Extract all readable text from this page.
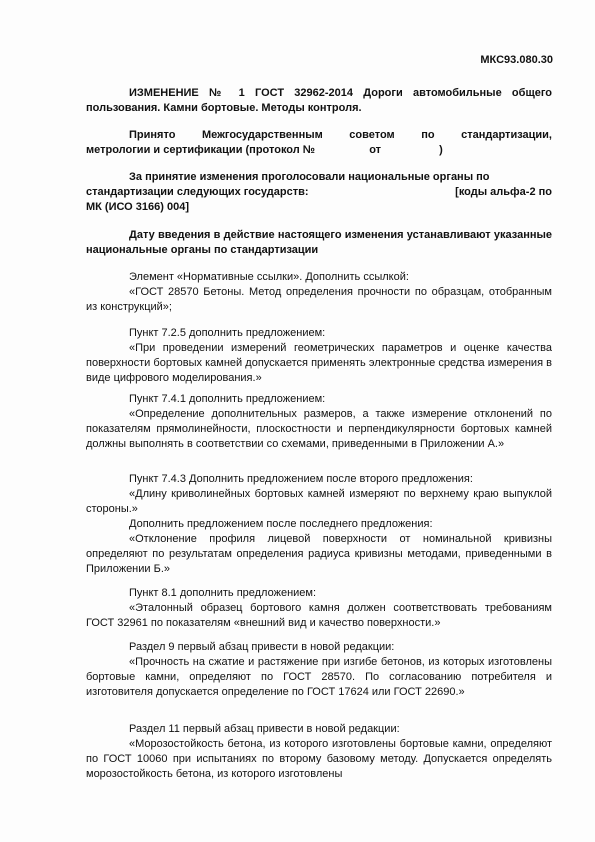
МКС93.080.30
ИЗМЕНЕНИЕ № 1 ГОСТ 32962-2014 Дороги автомобильные общего пользования. Камни бортовые. Методы контроля.
Принято Межгосударственным советом по стандартизации,
метрологии и сертификации (протокол №	от	)
За принятие изменения проголосовали национальные органы по
стандартизации следующих государств:	[коды альфа-2 по
МК (ИСО 3166) 004]
Дату введения в действие настоящего изменения устанавливают указанные национальные органы по стандартизации

Элемент «Нормативные ссылки». Дополнить ссылкой:

«ГОСТ 28570 Бетоны. Метод определения прочности по образцам, отобранным из конструкций»;

Пункт 7.2.5 дополнить предложением:

«При проведении измерений геометрических параметров и оценке качества поверхности бортовых камней допускается применять электронные средства измерения в виде цифрового моделирования.»

Пункт 7.4.1 дополнить предложением:

«Определение дополнительных размеров, а также измерение отклонений по показателям прямолинейности, плоскостности и перпендикулярности бортовых камней должны выполнять в соответствии со схемами, приведенными в Приложении А.»

Пункт 7.4.3 Дополнить предложением после второго предложения:

«Длину криволинейных бортовых камней измеряют по верхнему краю выпуклой стороны.»

Дополнить предложением после последнего предложения:

«Отклонение профиля лицевой поверхности от номинальной кривизны определяют по результатам определения радиуса кривизны методами, приведенными в Приложении Б.»

Пункт 8.1 дополнить предложением:

«Эталонный образец бортового камня должен соответствовать требованиям ГОСТ 32961 по показателям «внешний вид и качество поверхности.»

Раздел 9 первый абзац привести в новой редакции:

«Прочность на сжатие и растяжение при изгибе бетонов, из которых изготовлены бортовые камни, определяют по ГОСТ 28570. По согласованию потребителя и изготовителя допускается определение по ГОСТ 17624 или ГОСТ 22690.»

Раздел 11 первый абзац привести в новой редакции:

«Морозостойкость бетона, из которого изготовлены бортовые камни, определяют по ГОСТ 10060 при испытаниях по второму базовому методу. Допускается определять морозостойкость бетона, из которого изготовлены
